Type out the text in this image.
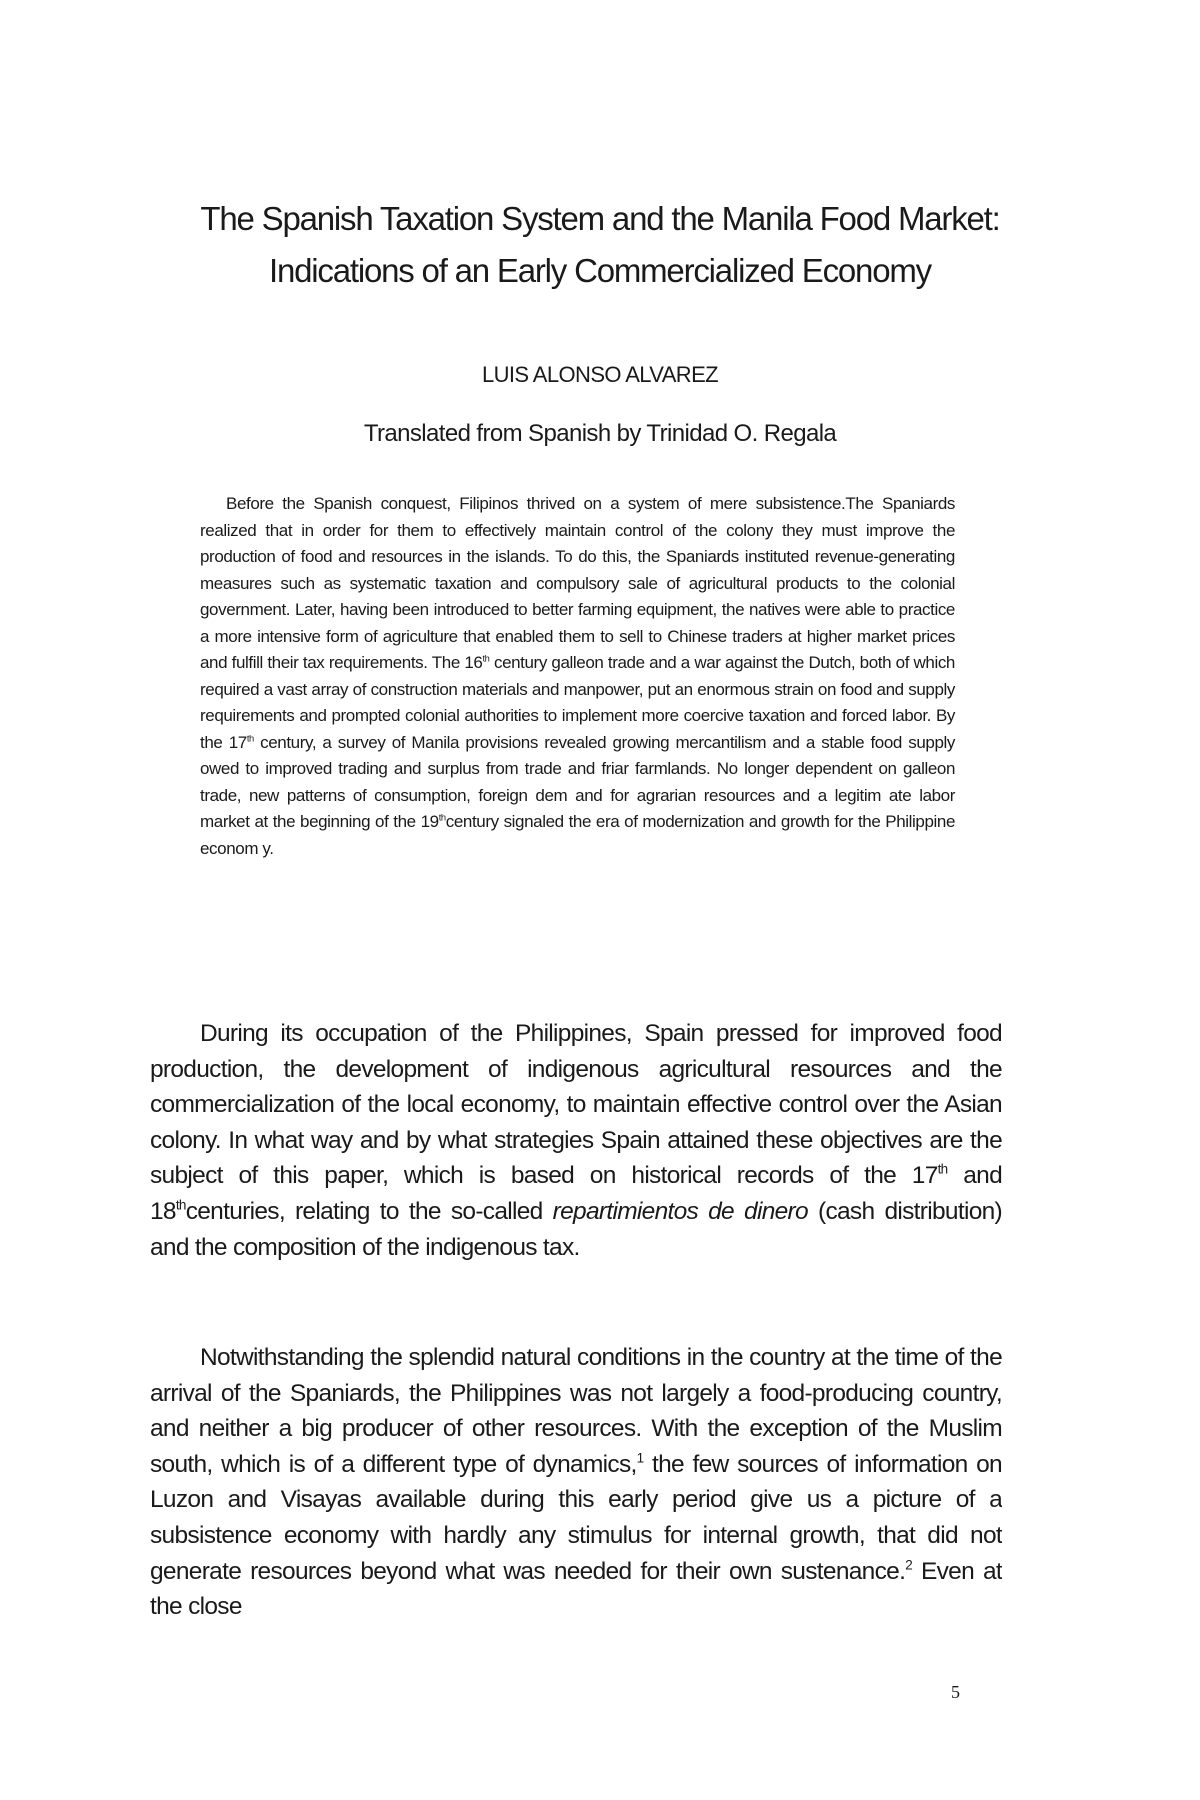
The Spanish Taxation System and the Manila Food Market:
Indications of an Early Commercialized Economy

LUIS ALONSO ALVAREZ

Translated from Spanish by Trinidad O. Regala

Before the Spanish conquest, Filipinos thrived on a system of mere subsistence.The Spaniards realized that in order for them to effectively maintain control of the colony they must improve the production of food and resources in the islands. To do this, the Spaniards instituted revenue-generating measures such as systematic taxation and compulsory sale of agricultural products to the colonial government. Later, having been introduced to better farming equipment, the natives were able to practice a more intensive form of agriculture that enabled them to sell to Chinese traders at higher market prices and fulfill their tax requirements. The 16th century galleon trade and a war against the Dutch, both of which required a vast array of construction materials and manpower, put an enormous strain on food and supply requirements and prompted colonial authorities to implement more coercive taxation and forced labor. By the 17th century, a survey of Manila provisions revealed growing mercantilism and a stable food supply owed to improved trading and surplus from trade and friar farmlands. No longer dependent on galleon trade, new patterns of consumption, foreign dem and for agrarian resources and a legitim ate labor market at the beginning of the 19thcentury signaled the era of modernization and growth for the Philippine econom y.

During its occupation of the Philippines, Spain pressed for improved food production, the development of indigenous agricultural resources and the commercialization of the local economy, to maintain effective control over the Asian colony. In what way and by what strategies Spain attained these objectives are the subject of this paper, which is based on historical records of the 17th and 18thcenturies, relating to the so-called repartimientos de dinero (cash distribution) and the composition of the indigenous tax.

Notwithstanding the splendid natural conditions in the country at the time of the arrival of the Spaniards, the Philippines was not largely a food-producing country, and neither a big producer of other resources. With the exception of the Muslim south, which is of a different type of dynamics,$^1$ the few sources of information on Luzon and Visayas available during this early period give us a picture of a subsistence economy with hardly any stimulus for internal growth, that did not generate resources beyond what was needed for their own sustenance.$^2$ Even at the close

5
